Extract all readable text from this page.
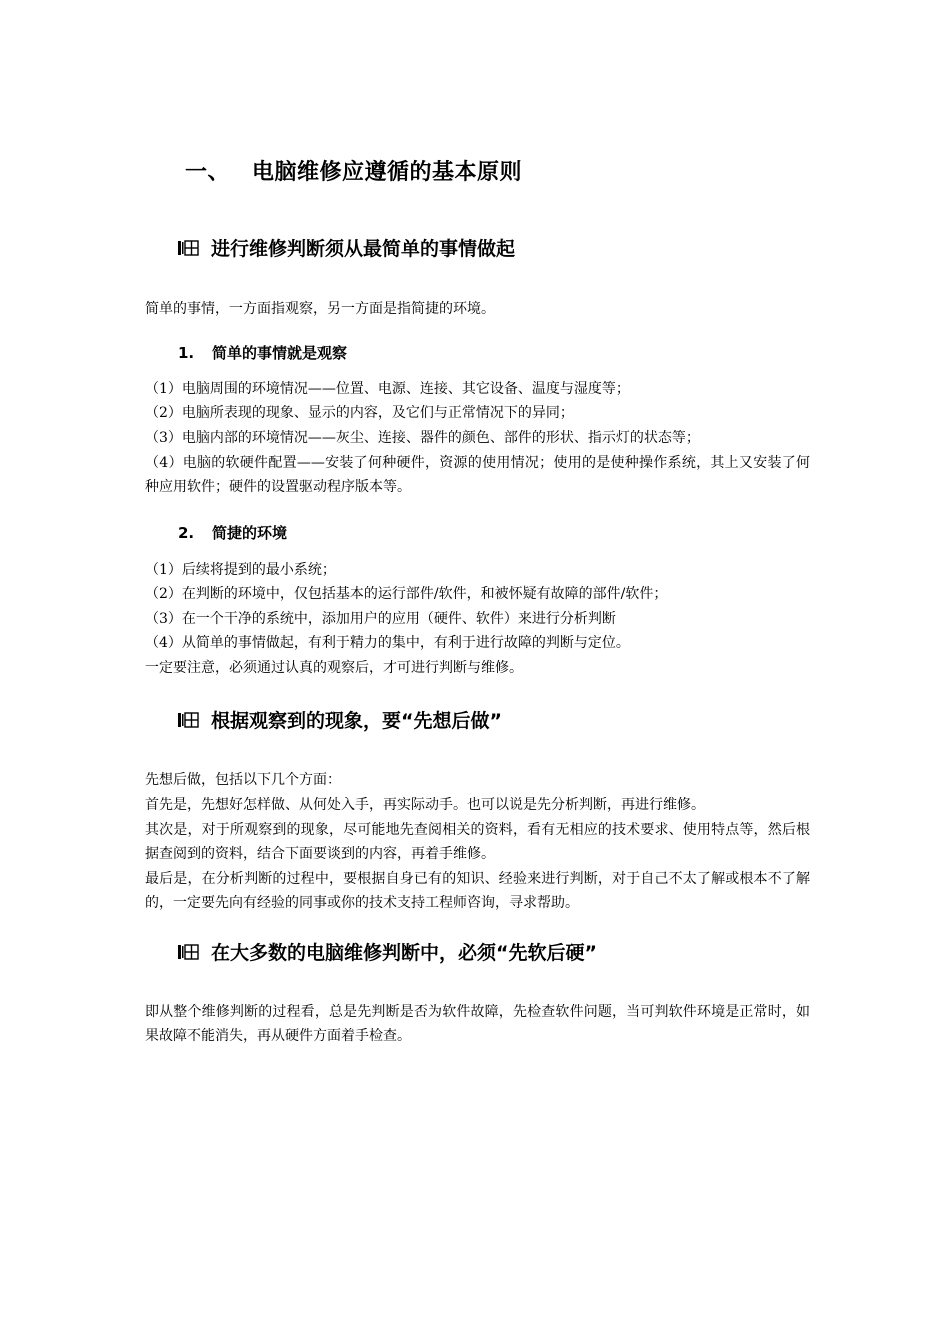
一、 电脑维修应遵循的基本原则
进行维修判断须从最简单的事情做起
简单的事情，一方面指观察，另一方面是指简捷的环境。
1. 简单的事情就是观察
（1）电脑周围的环境情况——位置、电源、连接、其它设备、温度与湿度等；
（2）电脑所表现的现象、显示的内容，及它们与正常情况下的异同；
（3）电脑内部的环境情况——灰尘、连接、器件的颜色、部件的形状、指示灯的状态等；
（4）电脑的软硬件配置——安装了何种硬件，资源的使用情况；使用的是使种操作系统，其上又安装了何种应用软件；硬件的设置驱动程序版本等。
2. 简捷的环境
（1）后续将提到的最小系统；
（2）在判断的环境中，仅包括基本的运行部件/软件，和被怀疑有故障的部件/软件；
（3）在一个干净的系统中，添加用户的应用（硬件、软件）来进行分析判断
（4）从简单的事情做起，有利于精力的集中，有利于进行故障的判断与定位。
一定要注意，必须通过认真的观察后，才可进行判断与维修。
根据观察到的现象，要“先想后做”
先想后做，包括以下几个方面：
首先是，先想好怎样做、从何处入手，再实际动手。也可以说是先分析判断，再进行维修。
其次是，对于所观察到的现象，尽可能地先查阅相关的资料，看有无相应的技术要求、使用特点等，然后根据查阅到的资料，结合下面要谈到的内容，再着手维修。
最后是，在分析判断的过程中，要根据自身已有的知识、经验来进行判断，对于自己不太了解或根本不了解的，一定要先向有经验的同事或你的技术支持工程师咨询，寻求帮助。
在大多数的电脑维修判断中，必须“先软后硬”
即从整个维修判断的过程看，总是先判断是否为软件故障，先检查软件问题，当可判软件环境是正常时，如果故障不能消失，再从硬件方面着手检查。
